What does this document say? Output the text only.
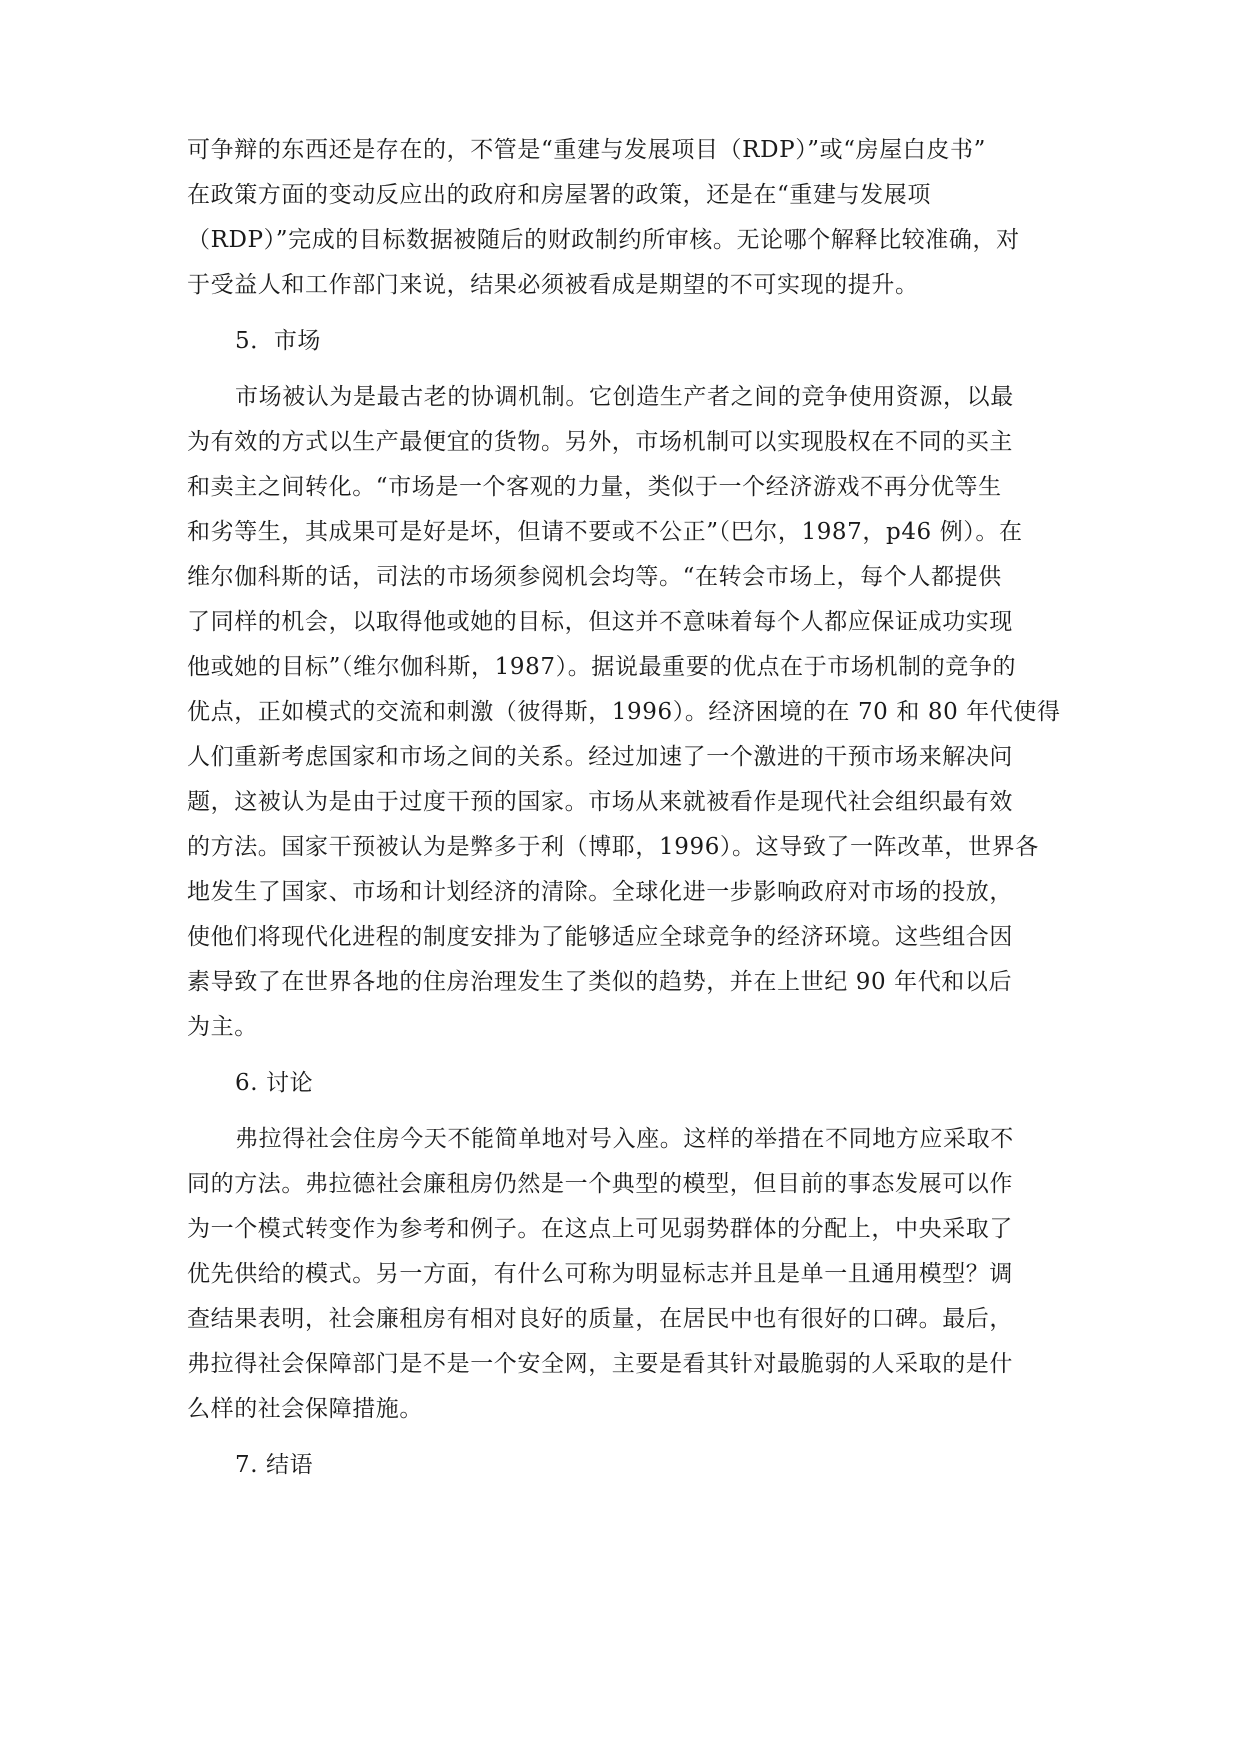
可争辩的东西还是存在的，不管是“重建与发展项目（RDP）”或“房屋白皮书”
在政策方面的变动反应出的政府和房屋署的政策，还是在“重建与发展项
（RDP）”完成的目标数据被随后的财政制约所审核。无论哪个解释比较准确，对
于受益人和工作部门来说，结果必须被看成是期望的不可实现的提升。
5．市场
市场被认为是最古老的协调机制。它创造生产者之间的竞争使用资源，以最
为有效的方式以生产最便宜的货物。另外，市场机制可以实现股权在不同的买主
和卖主之间转化。“市场是一个客观的力量，类似于一个经济游戏不再分优等生
和劣等生，其成果可是好是坏，但请不要或不公正”（巴尔，1987，p46 例）。在
维尔伽科斯的话，司法的市场须参阅机会均等。“在转会市场上，每个人都提供
了同样的机会，以取得他或她的目标，但这并不意味着每个人都应保证成功实现
他或她的目标”（维尔伽科斯，1987）。据说最重要的优点在于市场机制的竞争的
优点，正如模式的交流和刺激（彼得斯，1996）。经济困境的在 70 和 80 年代使得
人们重新考虑国家和市场之间的关系。经过加速了一个激进的干预市场来解决问
题，这被认为是由于过度干预的国家。市场从来就被看作是现代社会组织最有效
的方法。国家干预被认为是弊多于利（博耶，1996）。这导致了一阵改革，世界各
地发生了国家、市场和计划经济的清除。全球化进一步影响政府对市场的投放，
使他们将现代化进程的制度安排为了能够适应全球竞争的经济环境。这些组合因
素导致了在世界各地的住房治理发生了类似的趋势，并在上世纪 90 年代和以后
为主。
6. 讨论
弗拉得社会住房今天不能简单地对号入座。这样的举措在不同地方应采取不
同的方法。弗拉德社会廉租房仍然是一个典型的模型，但目前的事态发展可以作
为一个模式转变作为参考和例子。在这点上可见弱势群体的分配上，中央采取了
优先供给的模式。另一方面，有什么可称为明显标志并且是单一且通用模型？调
查结果表明，社会廉租房有相对良好的质量，在居民中也有很好的口碑。最后，
弗拉得社会保障部门是不是一个安全网，主要是看其针对最脆弱的人采取的是什
么样的社会保障措施。
7. 结语
